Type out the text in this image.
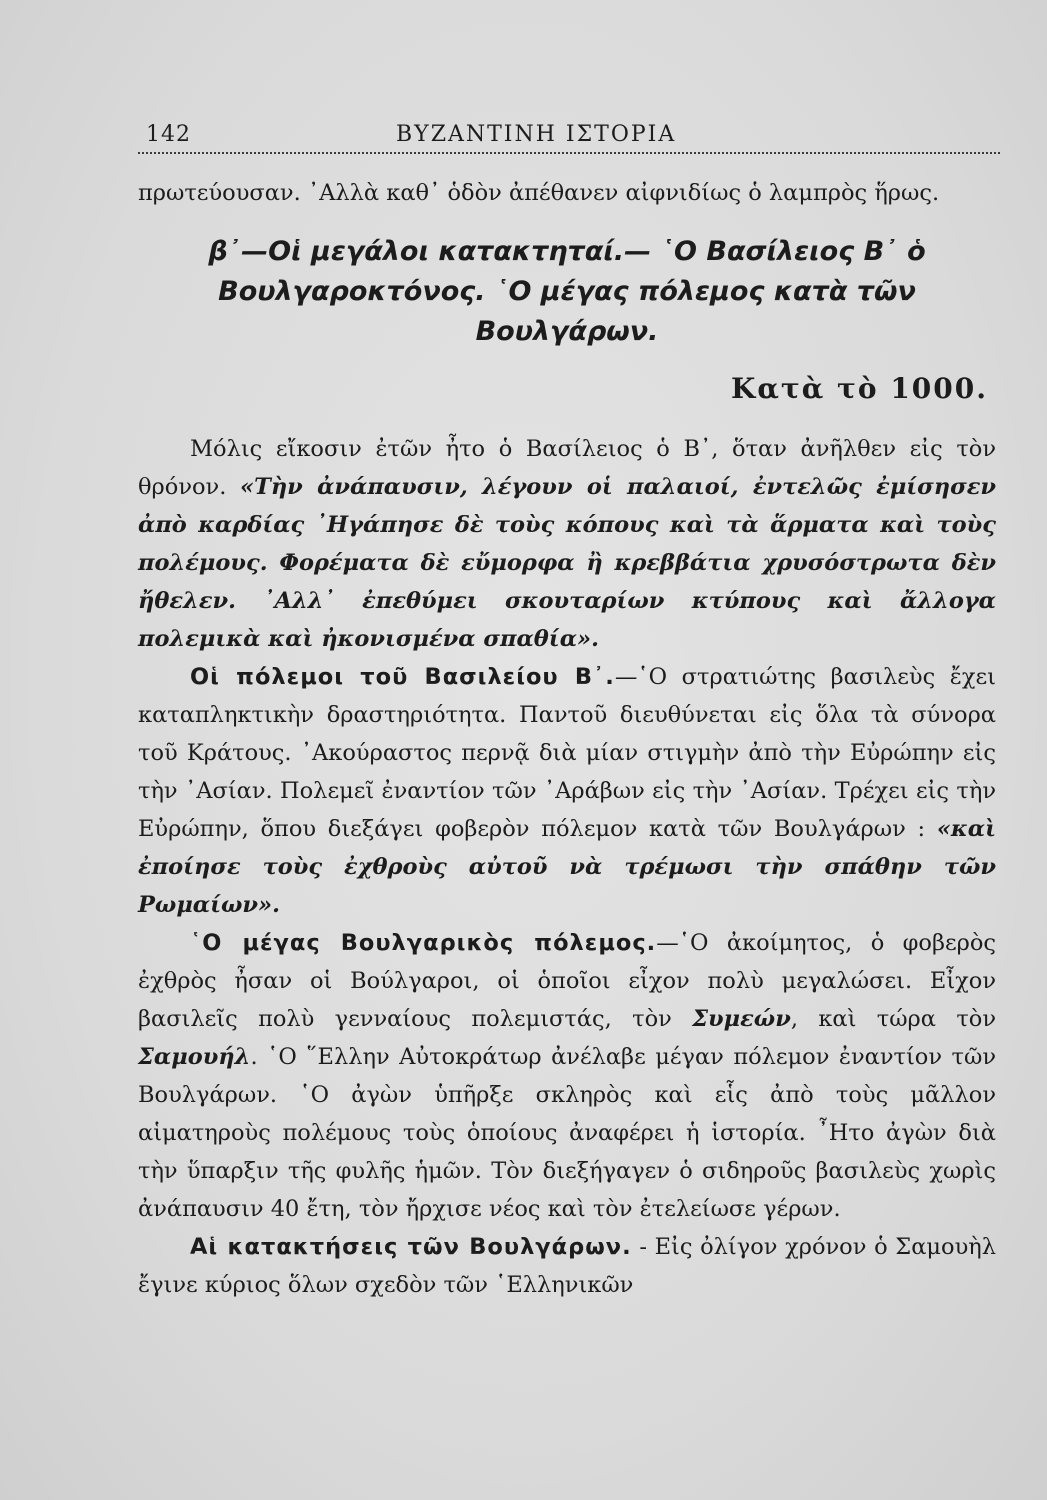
142	ΒΥΖΑΝΤΙΝΗ ΙΣΤΟΡΙΑ

πρωτεύουσαν. ᾽Αλλὰ καθ᾽ ὁδὸν ἀπέθανεν αἰφνιδίως ὁ λαμπρὸς ἥρως.

β᾽—Οἱ μεγάλοι κατακτηταί.— ῾Ο Βασίλειος Β᾽ ὁ Βουλγαροκτόνος. ῾Ο μέγας πόλεμος κατὰ τῶν Βουλγάρων.

Κατὰ τὸ 1000.

Μόλις εἴκοσιν ἐτῶν ἦτο ὁ Βασίλειος ὁ Β᾽, ὅταν ἀνῆλθεν εἰς τὸν θρόνον. «Τὴν ἀνάπαυσιν, λέγουν οἱ παλαιοί, ἐντελῶς ἐμίσησεν ἀπὸ καρδίας ᾽Ηγάπησε δὲ τοὺς κόπους καὶ τὰ ἅρματα καὶ τοὺς πολέμους. Φορέματα δὲ εὔμορφα ἢ κρεββάτια χρυσόστρωτα δὲν ἤθελεν. ᾽Αλλ᾽ ἐπεθύμει σκουταρίων κτύπους καὶ ἄλλογα πολεμικὰ καὶ ἠκονισμένα σπαθία».

Οἱ πόλεμοι τοῦ Βασιλείου Β᾽.—῾Ο στρατιώτης βασιλεὺς ἔχει καταπληκτικὴν δραστηριότητα. Παντοῦ διευθύνεται εἰς ὅλα τὰ σύνορα τοῦ Κράτους. ᾽Ακούραστος περνᾷ διὰ μίαν στιγμὴν ἀπὸ τὴν Εὐρώπην εἰς τὴν ᾽Ασίαν. Πολεμεῖ ἐναντίον τῶν ᾽Αράβων εἰς τὴν ᾽Ασίαν. Τρέχει εἰς τὴν Εὐρώπην, ὅπου διεξάγει φοβερὸν πόλεμον κατὰ τῶν Βουλγάρων : «καὶ ἐποίησε τοὺς ἐχθροὺς αὐτοῦ νὰ τρέμωσι τὴν σπάθην τῶν Ρωμαίων».

῾Ο μέγας Βουλγαρικὸς πόλεμος.—῾Ο ἀκοίμητος, ὁ φοβερὸς ἐχθρὸς ἦσαν οἱ Βούλγαροι, οἱ ὁποῖοι εἶχον πολὺ μεγαλώσει. Εἶχον βασιλεῖς πολὺ γενναίους πολεμιστάς, τὸν Συμεών, καὶ τώρα τὸν Σαμουήλ. ῾Ο ῞Ελλην Αὐτοκράτωρ ἀνέλαβε μέγαν πόλεμον ἐναντίον τῶν Βουλγάρων. ῾Ο ἀγὼν ὑπῆρξε σκληρὸς καὶ εἷς ἀπὸ τοὺς μᾶλλον αἱματηροὺς πολέμους τοὺς ὁποίους ἀναφέρει ἡ ἱστορία. ῏Ητο ἀγὼν διὰ τὴν ὕπαρξιν τῆς φυλῆς ἡμῶν. Τὸν διεξήγαγεν ὁ σιδηροῦς βασιλεὺς χωρὶς ἀνάπαυσιν 40 ἔτη, τὸν ἤρχισε νέος καὶ τὸν ἐτελείωσε γέρων.

Αἱ κατακτήσεις τῶν Βουλγάρων. - Εἰς ὀλίγον χρόνον ὁ Σαμουὴλ ἔγινε κύριος ὅλων σχεδὸν τῶν ῾Ελληνικῶν
